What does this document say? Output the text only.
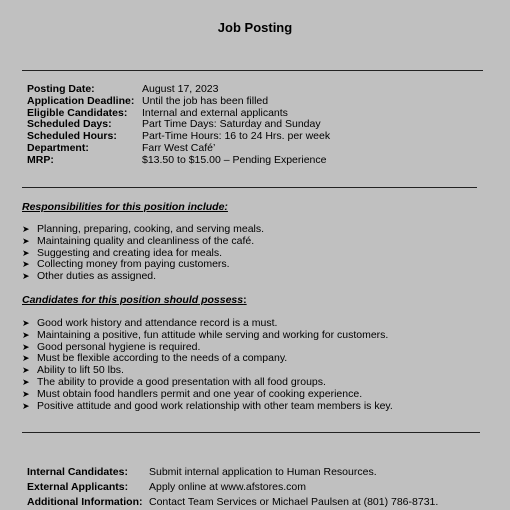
Job Posting
Posting Date:	August 17, 2023
Application Deadline: Until the job has been filled
Eligible Candidates:	Internal and external applicants
Scheduled Days:	Part Time Days: Saturday and Sunday
Scheduled Hours:	Part-Time Hours: 16 to 24 Hrs. per week
Department:	Farr West Café’
MRP:	$13.50 to $15.00 – Pending Experience
Responsibilities for this position include:
➤ Planning, preparing, cooking, and serving meals.
➤ Maintaining quality and cleanliness of the café.
➤ Suggesting and creating idea for meals.
➤ Collecting money from paying customers.
➤ Other duties as assigned.
Candidates for this position should possess:
➤ Good work history and attendance record is a must.
➤ Maintaining a positive, fun attitude while serving and working for customers.
➤ Good personal hygiene is required.
➤ Must be flexible according to the needs of a company.
➤ Ability to lift 50 lbs.
➤ The ability to provide a good presentation with all food groups.
➤ Must obtain food handlers permit and one year of cooking experience.
➤ Positive attitude and good work relationship with other team members is key.
Internal Candidates:	Submit internal application to Human Resources.
External Applicants:	Apply online at www.afstores.com
Additional Information: Contact Team Services or Michael Paulsen at (801) 786-8731.
